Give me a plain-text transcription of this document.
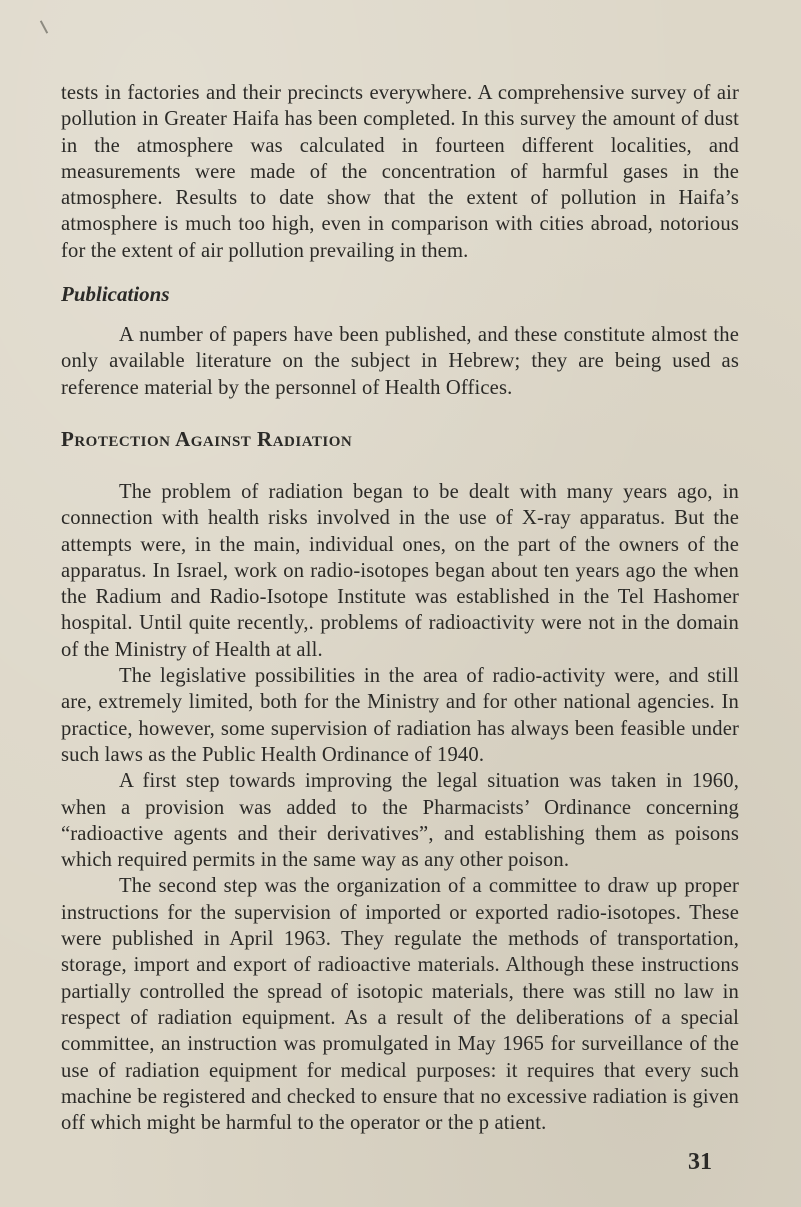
tests in factories and their precincts everywhere. A comprehensive survey of air pollution in Greater Haifa has been completed. In this survey the amount of dust in the atmosphere was calculated in fourteen different localities, and measurements were made of the concentration of harmful gases in the atmosphere. Results to date show that the extent of pollution in Haifa’s atmosphere is much too high, even in comparison with cities abroad, notorious for the extent of air pollution prevailing in them.

Publications

A number of papers have been published, and these constitute almost the only available literature on the subject in Hebrew; they are being used as reference material by the personnel of Health Offices.

Protection Against Radiation

The problem of radiation began to be dealt with many years ago, in connection with health risks involved in the use of X-ray apparatus. But the attempts were, in the main, individual ones, on the part of the owners of the apparatus. In Israel, work on radio-isotopes began about ten years ago the when the Radium and Radio-Isotope Institute was established in the Tel Hashomer hospital. Until quite recently,. problems of radioactivity were not in the domain of the Ministry of Health at all.

The legislative possibilities in the area of radio-activity were, and still are, extremely limited, both for the Ministry and for other national agencies. In practice, however, some supervision of radiation has always been feasible under such laws as the Public Health Ordinance of 1940.

A first step towards improving the legal situation was taken in 1960, when a provision was added to the Pharmacists’ Ordinance concerning “radioactive agents and their derivatives”, and establishing them as poisons which required permits in the same way as any other poison.

The second step was the organization of a committee to draw up proper instructions for the supervision of imported or exported radio-isotopes. These were published in April 1963. They regulate the methods of transportation, storage, import and export of radioactive materials. Although these instructions partially controlled the spread of isotopic materials, there was still no law in respect of radiation equipment. As a result of the deliberations of a special committee, an instruction was promulgated in May 1965 for surveillance of the use of radiation equipment for medical purposes: it requires that every such machine be registered and checked to ensure that no excessive radiation is given off which might be harmful to the operator or the p atient.

31
